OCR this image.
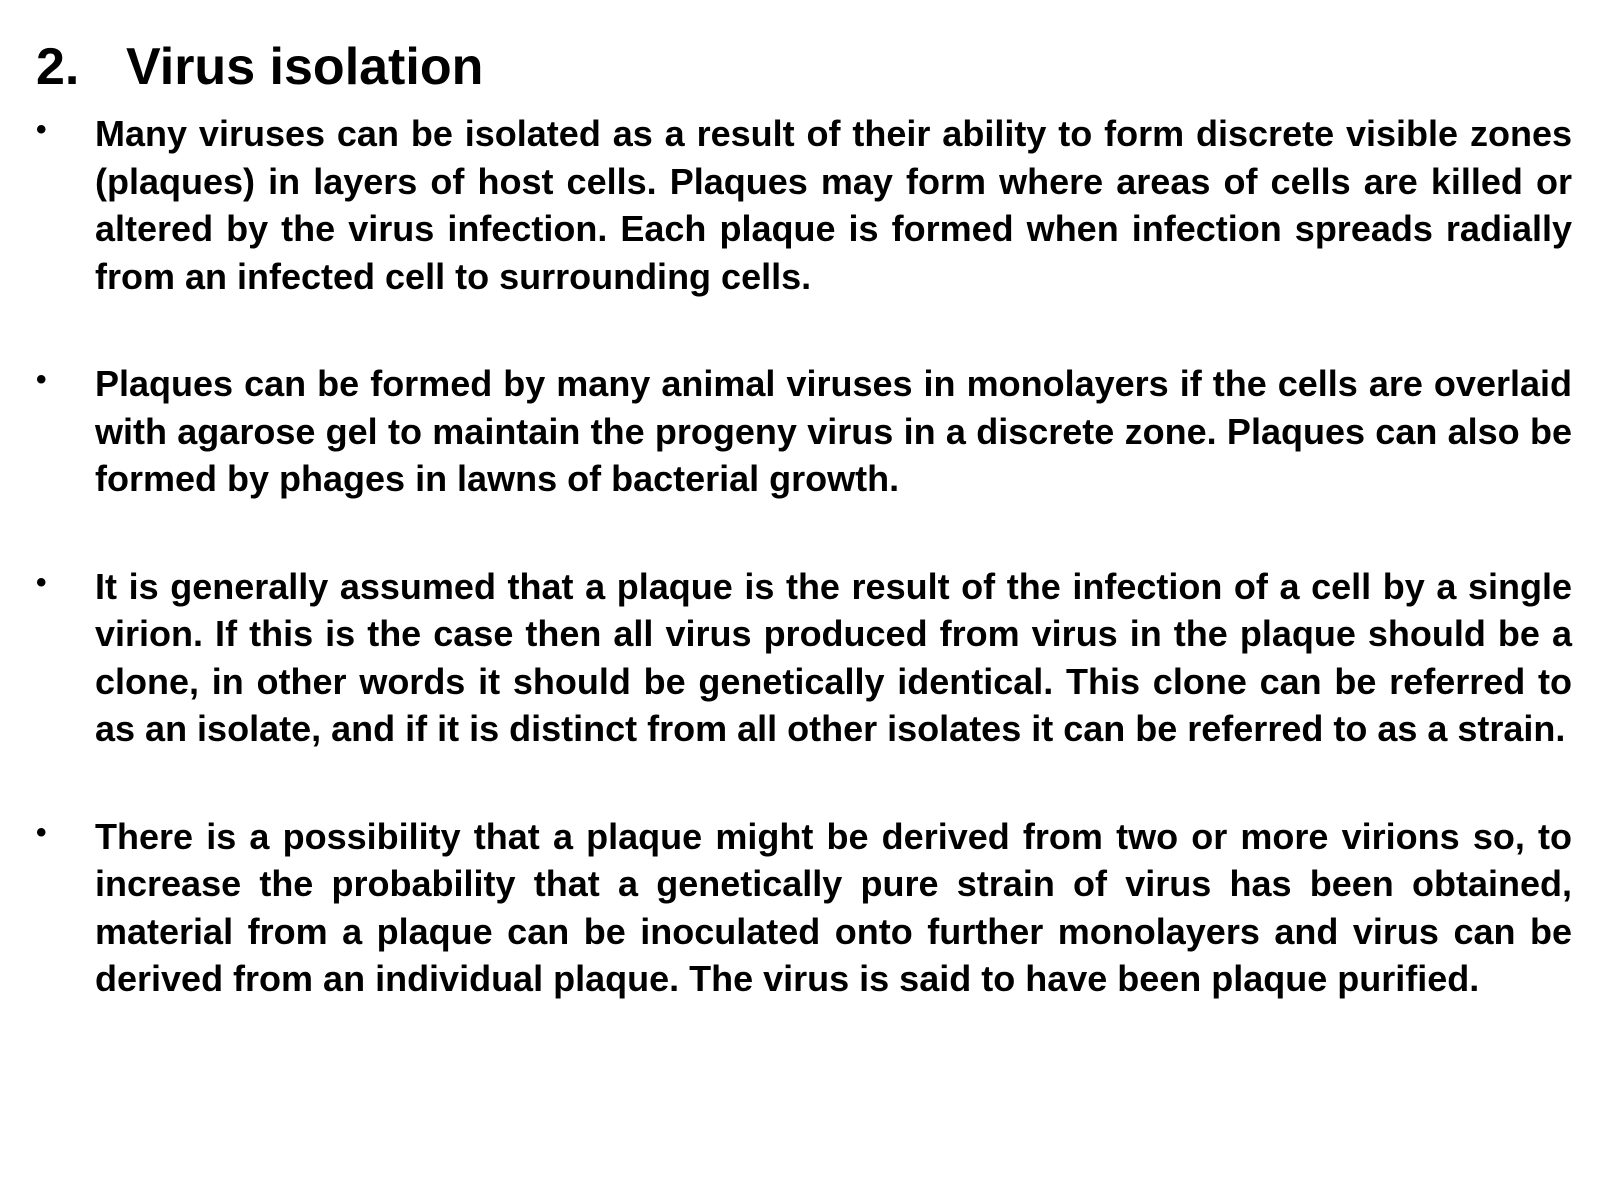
2. Virus isolation
• Many viruses can be isolated as a result of their ability to form discrete visible zones (plaques) in layers of host cells. Plaques may form where areas of cells are killed or altered by the virus infection. Each plaque is formed when infection spreads radially from an infected cell to surrounding cells.
• Plaques can be formed by many animal viruses in monolayers if the cells are overlaid with agarose gel to maintain the progeny virus in a discrete zone. Plaques can also be formed by phages in lawns of bacterial growth.
• It is generally assumed that a plaque is the result of the infection of a cell by a single virion. If this is the case then all virus produced from virus in the plaque should be a clone, in other words it should be genetically identical. This clone can be referred to as an isolate, and if it is distinct from all other isolates it can be referred to as a strain.
• There is a possibility that a plaque might be derived from two or more virions so, to increase the probability that a genetically pure strain of virus has been obtained, material from a plaque can be inoculated onto further monolayers and virus can be derived from an individual plaque. The virus is said to have been plaque purified.
